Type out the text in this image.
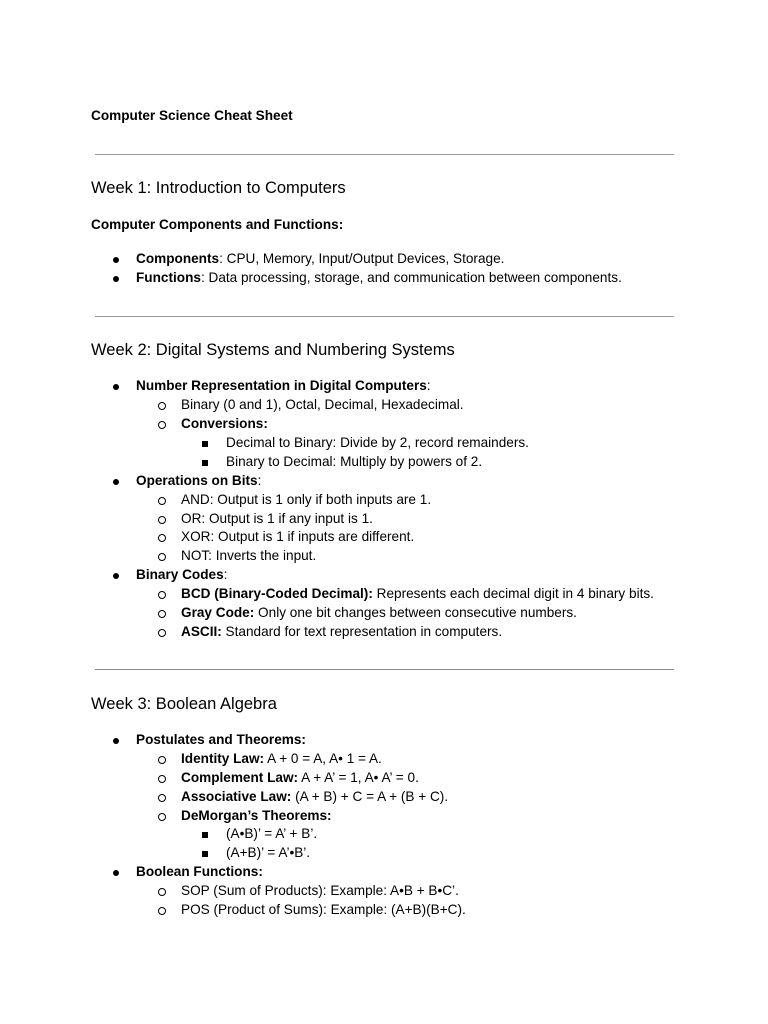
Computer Science Cheat Sheet
Week 1: Introduction to Computers
Computer Components and Functions:
Components: CPU, Memory, Input/Output Devices, Storage.
Functions: Data processing, storage, and communication between components.
Week 2: Digital Systems and Numbering Systems
Number Representation in Digital Computers:
Binary (0 and 1), Octal, Decimal, Hexadecimal.
Conversions:
Decimal to Binary: Divide by 2, record remainders.
Binary to Decimal: Multiply by powers of 2.
Operations on Bits:
AND: Output is 1 only if both inputs are 1.
OR: Output is 1 if any input is 1.
XOR: Output is 1 if inputs are different.
NOT: Inverts the input.
Binary Codes:
BCD (Binary-Coded Decimal): Represents each decimal digit in 4 binary bits.
Gray Code: Only one bit changes between consecutive numbers.
ASCII: Standard for text representation in computers.
Week 3: Boolean Algebra
Postulates and Theorems:
Identity Law: A + 0 = A, A• 1 = A.
Complement Law: A + A’ = 1, A• A’ = 0.
Associative Law: (A + B) + C = A + (B + C).
DeMorgan’s Theorems:
(A•B)’ = A’ + B’.
(A+B)’ = A’•B’.
Boolean Functions:
SOP (Sum of Products): Example: A•B + B•C’.
POS (Product of Sums): Example: (A+B)(B+C).
